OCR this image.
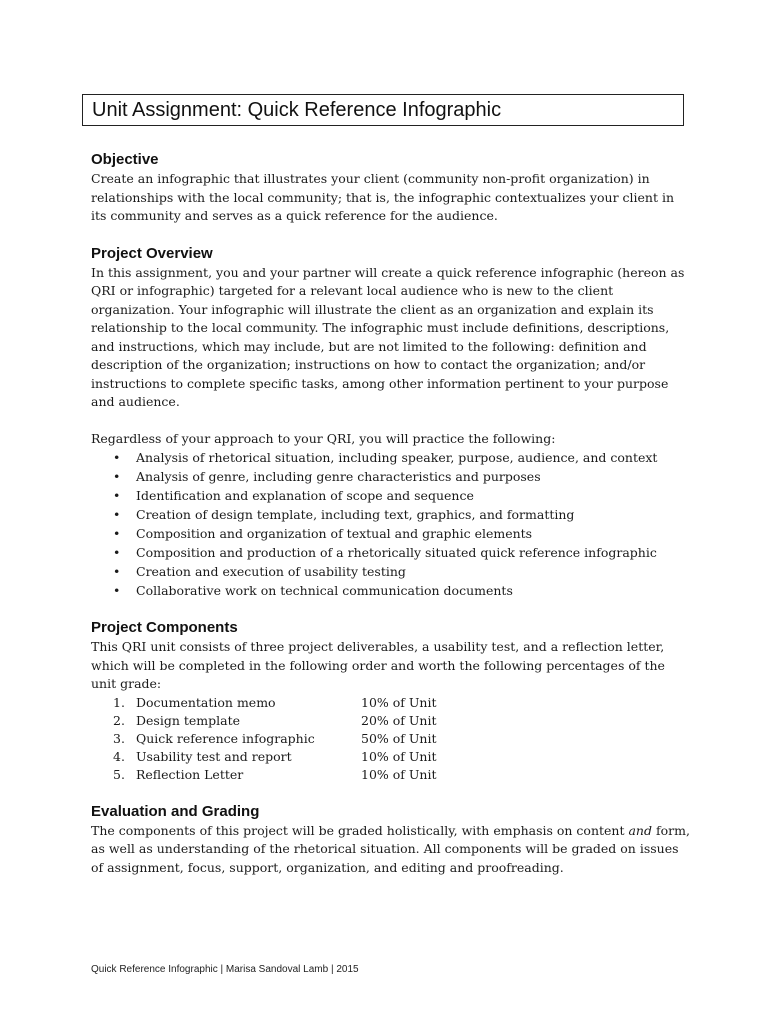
Unit Assignment: Quick Reference Infographic
Objective

Create an infographic that illustrates your client (community non-profit organization) in relationships with the local community; that is, the infographic contextualizes your client in its community and serves as a quick reference for the audience.

Project Overview

In this assignment, you and your partner will create a quick reference infographic (hereon as QRI or infographic) targeted for a relevant local audience who is new to the client organization. Your infographic will illustrate the client as an organization and explain its relationship to the local community. The infographic must include definitions, descriptions, and instructions, which may include, but are not limited to the following: definition and description of the organization; instructions on how to contact the organization; and/or instructions to complete specific tasks, among other information pertinent to your purpose and audience.

Regardless of your approach to your QRI, you will practice the following:

• Analysis of rhetorical situation, including speaker, purpose, audience, and context
• Analysis of genre, including genre characteristics and purposes
• Identification and explanation of scope and sequence
• Creation of design template, including text, graphics, and formatting
• Composition and organization of textual and graphic elements
• Composition and production of a rhetorically situated quick reference infographic
• Creation and execution of usability testing
• Collaborative work on technical communication documents
Project Components

This QRI unit consists of three project deliverables, a usability test, and a reflection letter, which will be completed in the following order and worth the following percentages of the unit grade:

1. Documentation memo	10% of Unit
2. Design template	20% of Unit
3. Quick reference infographic	50% of Unit
4. Usability test and report	10% of Unit
5. Reflection Letter	10% of Unit
Evaluation and Grading

The components of this project will be graded holistically, with emphasis on content and form, as well as understanding of the rhetorical situation. All components will be graded on issues of assignment, focus, support, organization, and editing and proofreading.

Quick Reference Infographic | Marisa Sandoval Lamb | 2015
